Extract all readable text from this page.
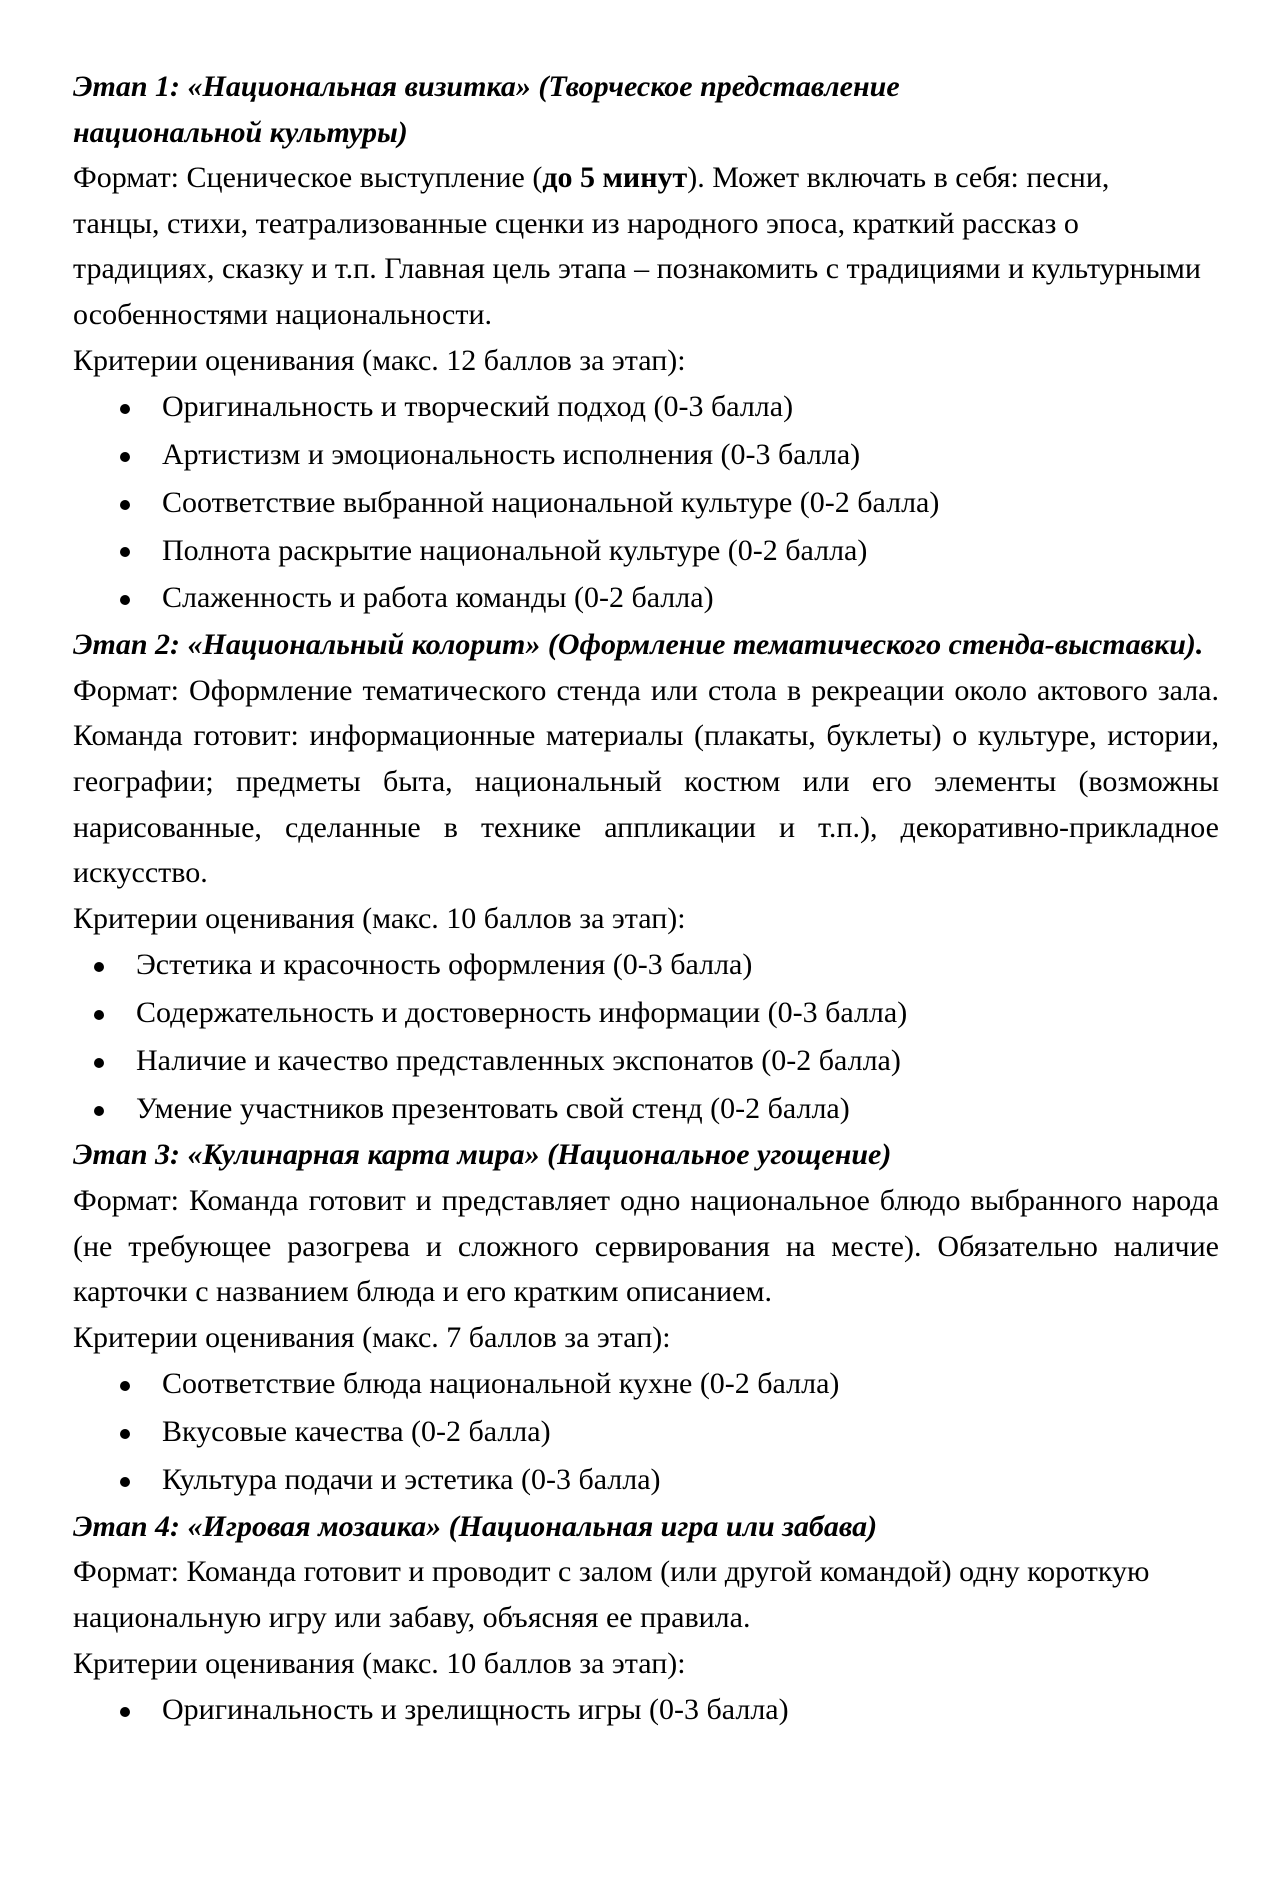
Этап 1: «Национальная визитка» (Творческое представление национальной культуры)

Формат: Сценическое выступление (до 5 минут). Может включать в себя: песни, танцы, стихи, театрализованные сценки из народного эпоса, краткий рассказ о традициях, сказку и т.п. Главная цель этапа – познакомить с традициями и культурными особенностями национальности.

Критерии оценивания (макс. 12 баллов за этап):

Оригинальность и творческий подход (0-3 балла)
Артистизм и эмоциональность исполнения (0-3 балла)
Соответствие выбранной национальной культуре (0-2 балла)
Полнота раскрытие национальной культуре (0-2 балла)
Слаженность и работа команды (0-2 балла)

Этап 2: «Национальный колорит» (Оформление тематического стенда-выставки).

Формат: Оформление тематического стенда или стола в рекреации около актового зала. Команда готовит: информационные материалы (плакаты, буклеты) о культуре, истории, географии; предметы быта, национальный костюм или его элементы (возможны нарисованные, сделанные в технике аппликации и т.п.), декоративно-прикладное искусство.

Критерии оценивания (макс. 10 баллов за этап):

Эстетика и красочность оформления (0-3 балла)
Содержательность и достоверность информации (0-3 балла)
Наличие и качество представленных экспонатов (0-2 балла)
Умение участников презентовать свой стенд (0-2 балла)

Этап 3: «Кулинарная карта мира» (Национальное угощение)

Формат: Команда готовит и представляет одно национальное блюдо выбранного народа (не требующее разогрева и сложного сервирования на месте). Обязательно наличие карточки с названием блюда и его кратким описанием.

Критерии оценивания (макс. 7 баллов за этап):

Соответствие блюда национальной кухне (0-2 балла)
Вкусовые качества (0-2 балла)
Культура подачи и эстетика (0-3 балла)

Этап 4: «Игровая мозаика» (Национальная игра или забава)

Формат: Команда готовит и проводит с залом (или другой командой) одну короткую национальную игру или забаву, объясняя ее правила.

Критерии оценивания (макс. 10 баллов за этап):

Оригинальность и зрелищность игры (0-3 балла)
